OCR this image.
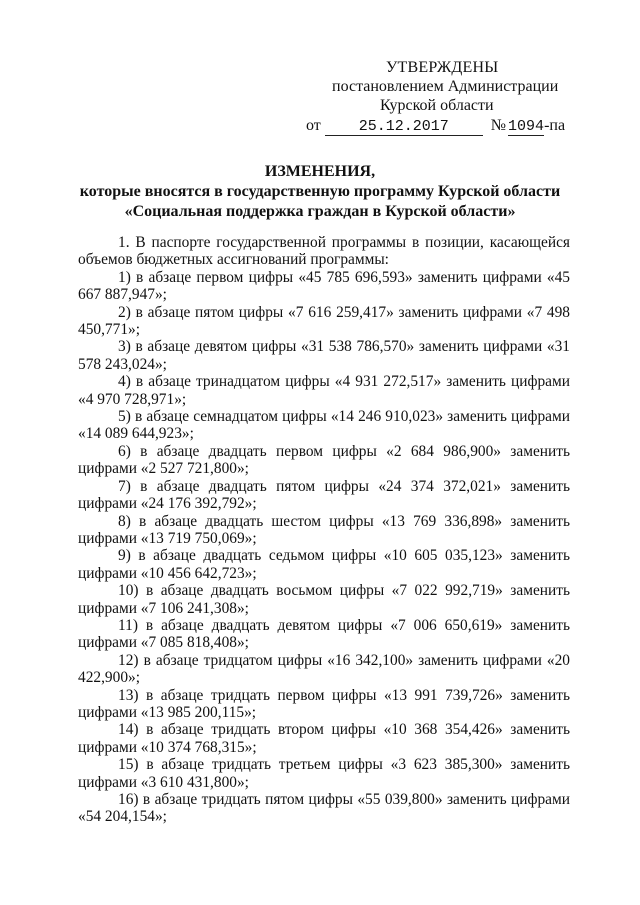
УТВЕРЖДЕНЫ
постановлением Администрации
Курской области
от	25.12.2017	№ 1094-па
ИЗМЕНЕНИЯ,
которые вносятся в государственную программу Курской области
«Социальная поддержка граждан в Курской области»

1. В паспорте государственной программы в позиции, касающейся объемов бюджетных ассигнований программы:

1) в абзаце первом цифры «45 785 696,593» заменить цифрами «45 667 887,947»;

2) в абзаце пятом цифры «7 616 259,417» заменить цифрами «7 498 450,771»;

3) в абзаце девятом цифры «31 538 786,570» заменить цифрами «31 578 243,024»;

4) в абзаце тринадцатом цифры «4 931 272,517» заменить цифрами «4 970 728,971»;

5) в абзаце семнадцатом цифры «14 246 910,023» заменить цифрами «14 089 644,923»;

6) в абзаце двадцать первом цифры «2 684 986,900» заменить цифрами «2 527 721,800»;

7) в абзаце двадцать пятом цифры «24 374 372,021» заменить цифрами «24 176 392,792»;

8) в абзаце двадцать шестом цифры «13 769 336,898» заменить цифрами «13 719 750,069»;

9) в абзаце двадцать седьмом цифры «10 605 035,123» заменить цифрами «10 456 642,723»;

10) в абзаце двадцать восьмом цифры «7 022 992,719» заменить цифрами «7 106 241,308»;

11) в абзаце двадцать девятом цифры «7 006 650,619» заменить цифрами «7 085 818,408»;

12) в абзаце тридцатом цифры «16 342,100» заменить цифрами «20 422,900»;

13) в абзаце тридцать первом цифры «13 991 739,726» заменить цифрами «13 985 200,115»;

14) в абзаце тридцать втором цифры «10 368 354,426» заменить цифрами «10 374 768,315»;

15) в абзаце тридцать третьем цифры «3 623 385,300» заменить цифрами «3 610 431,800»;

16) в абзаце тридцать пятом цифры «55 039,800» заменить цифрами «54 204,154»;
